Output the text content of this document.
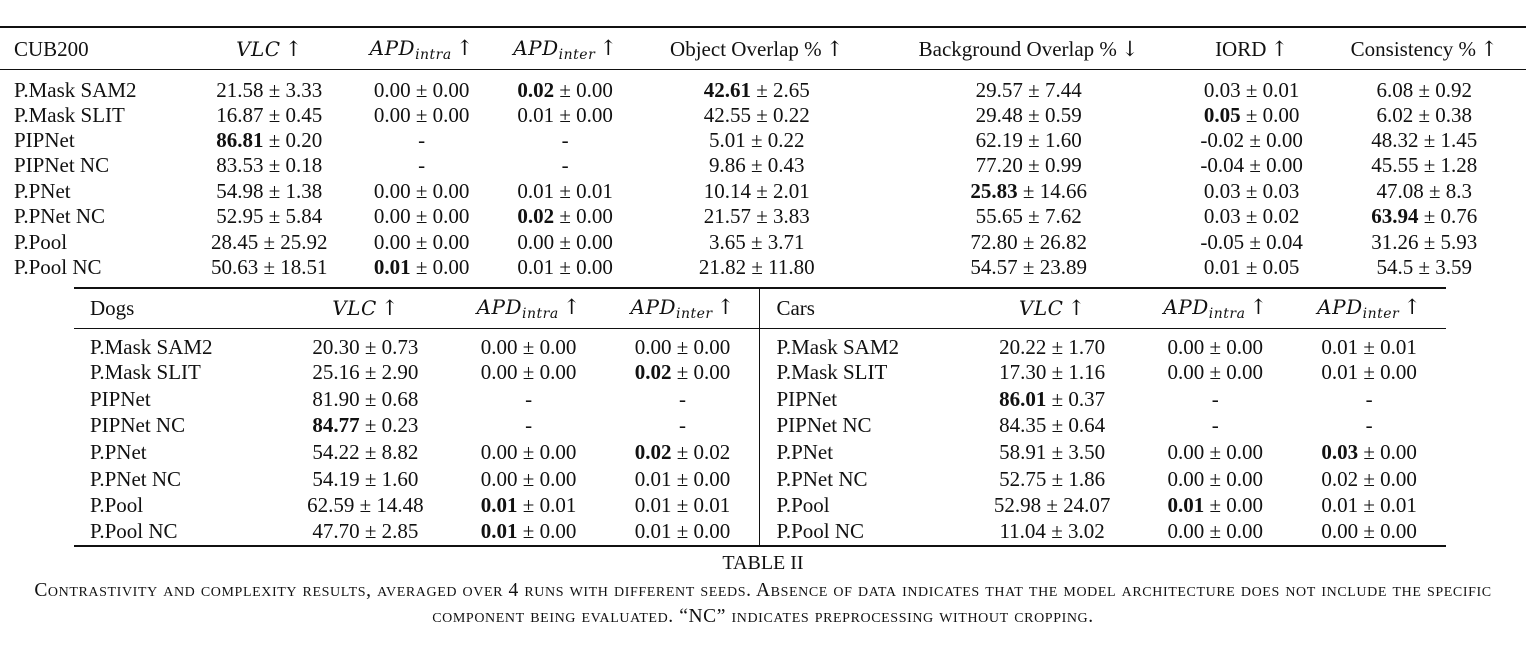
CUB200	VLC ↑	$APD_{intra}$ ↑	$APD_{inter}$ ↑	Object Overlap % ↑	Background Overlap % ↓	IORD ↑	Consistency % ↑
P.Mask SAM2	21.58 ± 3.33	0.00 ± 0.00	0.02 ± 0.00	42.61 ± 2.65	29.57 ± 7.44	0.03 ± 0.01	6.08 ± 0.92
P.Mask SLIT	16.87 ± 0.45	0.00 ± 0.00	0.01 ± 0.00	42.55 ± 0.22	29.48 ± 0.59	0.05 ± 0.00	6.02 ± 0.38
PIPNet	86.81 ± 0.20	-	-	5.01 ± 0.22	62.19 ± 1.60	-0.02 ± 0.00	48.32 ± 1.45
PIPNet NC	83.53 ± 0.18	-	-	9.86 ± 0.43	77.20 ± 0.99	-0.04 ± 0.00	45.55 ± 1.28
P.PNet	54.98 ± 1.38	0.00 ± 0.00	0.01 ± 0.01	10.14 ± 2.01	25.83 ± 14.66	0.03 ± 0.03	47.08 ± 8.3
P.PNet NC	52.95 ± 5.84	0.00 ± 0.00	0.02 ± 0.00	21.57 ± 3.83	55.65 ± 7.62	0.03 ± 0.02	63.94 ± 0.76
P.Pool	28.45 ± 25.92	0.00 ± 0.00	0.00 ± 0.00	3.65 ± 3.71	72.80 ± 26.82	-0.05 ± 0.04	31.26 ± 5.93
P.Pool NC	50.63 ± 18.51	0.01 ± 0.00	0.01 ± 0.00	21.82 ± 11.80	54.57 ± 23.89	0.01 ± 0.05	54.5 ± 3.59
Dogs	VLC ↑	$APD_{intra}$ ↑	$APD_{inter}$ ↑	Cars	VLC ↑	$APD_{intra}$ ↑	$APD_{inter}$ ↑
P.Mask SAM2	20.30 ± 0.73	0.00 ± 0.00	0.00 ± 0.00	P.Mask SAM2	20.22 ± 1.70	0.00 ± 0.00	0.01 ± 0.01
P.Mask SLIT	25.16 ± 2.90	0.00 ± 0.00	0.02 ± 0.00	P.Mask SLIT	17.30 ± 1.16	0.00 ± 0.00	0.01 ± 0.00
PIPNet	81.90 ± 0.68	-	-	PIPNet	86.01 ± 0.37	-	-
PIPNet NC	84.77 ± 0.23	-	-	PIPNet NC	84.35 ± 0.64	-	-
P.PNet	54.22 ± 8.82	0.00 ± 0.00	0.02 ± 0.02	P.PNet	58.91 ± 3.50	0.00 ± 0.00	0.03 ± 0.00
P.PNet NC	54.19 ± 1.60	0.00 ± 0.00	0.01 ± 0.00	P.PNet NC	52.75 ± 1.86	0.00 ± 0.00	0.02 ± 0.00
P.Pool	62.59 ± 14.48	0.01 ± 0.01	0.01 ± 0.01	P.Pool	52.98 ± 24.07	0.01 ± 0.00	0.01 ± 0.01
P.Pool NC	47.70 ± 2.85	0.01 ± 0.00	0.01 ± 0.00	P.Pool NC	11.04 ± 3.02	0.00 ± 0.00	0.00 ± 0.00
TABLE II
Contrastivity and complexity results, averaged over 4 runs with different seeds. Absence of data indicates that the model architecture does not include the specific component being evaluated. “NC” indicates preprocessing without cropping.
